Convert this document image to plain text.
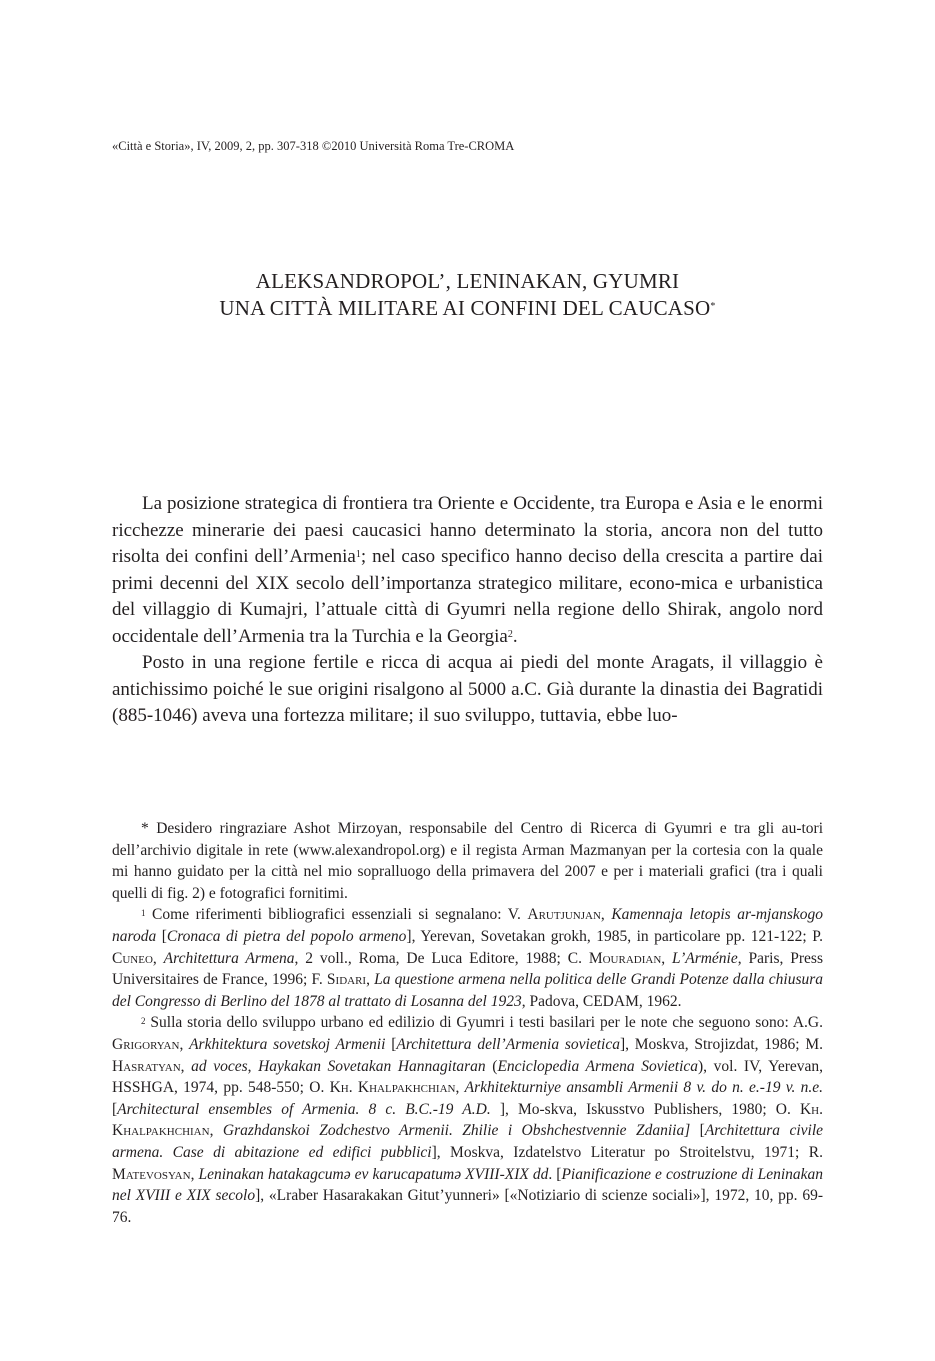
«Città e Storia», IV, 2009, 2, pp. 307-318 ©2010 Università Roma Tre-CROMA
ALEKSANDROPOL’, LENINAKAN, GYUMRI
UNA CITTÀ MILITARE AI CONFINI DEL CAUCASO*

La posizione strategica di frontiera tra Oriente e Occidente, tra Europa e Asia e le enormi ricchezze minerarie dei paesi caucasici hanno determinato la storia, ancora non del tutto risolta dei confini dell’Armenia$^1$; nel caso specifico hanno deciso della crescita a partire dai primi decenni del XIX secolo dell’importanza strategico militare, econo-mica e urbanistica del villaggio di Kumajri, l’attuale città di Gyumri nella regione dello Shirak, angolo nord occidentale dell’Armenia tra la Turchia e la Georgia$^2$.

Posto in una regione fertile e ricca di acqua ai piedi del monte Aragats, il villaggio è antichissimo poiché le sue origini risalgono al 5000 a.C. Già durante la dinastia dei Bagratidi (885-1046) aveva una fortezza militare; il suo sviluppo, tuttavia, ebbe luo-

* Desidero ringraziare Ashot Mirzoyan, responsabile del Centro di Ricerca di Gyumri e tra gli au-tori dell’archivio digitale in rete (www.alexandropol.org) e il regista Arman Mazmanyan per la cortesia con la quale mi hanno guidato per la città nel mio sopralluogo della primavera del 2007 e per i materiali grafici (tra i quali quelli di fig. 2) e fotografici fornitimi.

$^1$ Come riferimenti bibliografici essenziali si segnalano: V. Arutjunjan, Kamennaja letopis ar-mjanskogo naroda [Cronaca di pietra del popolo armeno], Yerevan, Sovetakan grokh, 1985, in particolare pp. 121-122; P. Cuneo, Architettura Armena, 2 voll., Roma, De Luca Editore, 1988; C. Mouradian, L’Arménie, Paris, Press Universitaires de France, 1996; F. Sidari, La questione armena nella politica delle Grandi Potenze dalla chiusura del Congresso di Berlino del 1878 al trattato di Losanna del 1923, Padova, CEDAM, 1962.

$^2$ Sulla storia dello sviluppo urbano ed edilizio di Gyumri i testi basilari per le note che seguono sono: A.G. Grigoryan, Arkhitektura sovetskoj Armenii [Architettura dell’Armenia sovietica], Moskva, Strojizdat, 1986; M. Hasratyan, ad voces, Haykakan Sovetakan Hannagitaran (Enciclopedia Armena Sovietica), vol. IV, Yerevan, HSSHGA, 1974, pp. 548-550; O. Kh. Khalpakhchian, Arkhitekturniye ansambli Armenii 8 v. do n. e.-19 v. n.e. [Architectural ensembles of Armenia. 8 c. B.C.-19 A.D. ], Mo-skva, Iskusstvo Publishers, 1980; O. Kh. Khalpakhchian, Grazhdanskoi Zodchestvo Armenii. Zhilie i Obshchestvennie Zdaniia] [Architettura civile armena. Case di abitazione ed edifici pubblici], Moskva, Izdatelstvo Literatur po Stroitelstvu, 1971; R. Matevosyan, Leninakan hatakagcumə ev karucapatumə XVIII-XIX dd. [Pianificazione e costruzione di Leninakan nel XVIII e XIX secolo], «Lraber Hasarakakan Gitut’yunneri» [«Notiziario di scienze sociali»], 1972, 10, pp. 69-76.
